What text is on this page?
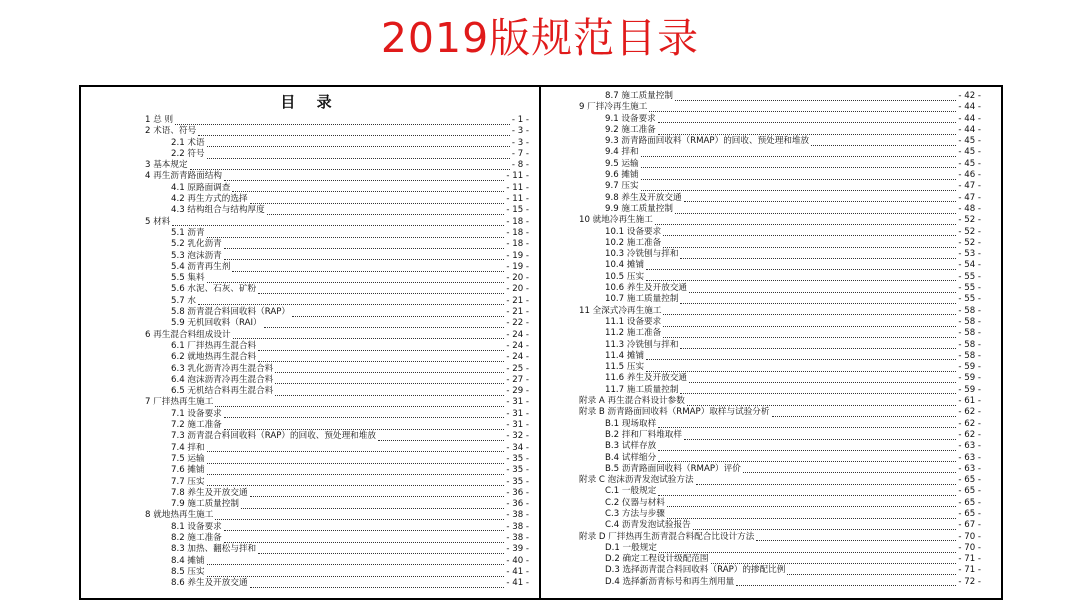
2019版规范目录
目 录
1 总 则	- 1 -
2 术语、符号	- 3 -
2.1 术语	- 3 -
2.2 符号	- 7 -
3 基本规定	- 8 -
4 再生沥青路面结构	- 11 -
4.1 原路面调查	- 11 -
4.2 再生方式的选择	- 11 -
4.3 结构组合与结构厚度	- 15 -
5 材料	- 18 -
5.1 沥青	- 18 -
5.2 乳化沥青	- 18 -
5.3 泡沫沥青	- 19 -
5.4 沥青再生剂	- 19 -
5.5 集料	- 20 -
5.6 水泥、石灰、矿粉	- 20 -
5.7 水	- 21 -
5.8 沥青混合料回收料（RAP）	- 21 -
5.9 无机回收料（RAI）	- 22 -
6 再生混合料组成设计	- 24 -
6.1 厂拌热再生混合料	- 24 -
6.2 就地热再生混合料	- 24 -
6.3 乳化沥青冷再生混合料	- 25 -
6.4 泡沫沥青冷再生混合料	- 27 -
6.5 无机结合料再生混合料	- 29 -
7 厂拌热再生施工	- 31 -
7.1 设备要求	- 31 -
7.2 施工准备	- 31 -
7.3 沥青混合料回收料（RAP）的回收、预处理和堆放	- 32 -
7.4 拌和	- 34 -
7.5 运输	- 35 -
7.6 摊铺	- 35 -
7.7 压实	- 35 -
7.8 养生及开放交通	- 36 -
7.9 施工质量控制	- 36 -
8 就地热再生施工	- 38 -
8.1 设备要求	- 38 -
8.2 施工准备	- 38 -
8.3 加热、翻松与拌和	- 39 -
8.4 摊铺	- 40 -
8.5 压实	- 41 -
8.6 养生及开放交通	- 41 -
8.7 施工质量控制	- 42 -
9 厂拌冷再生施工	- 44 -
9.1 设备要求	- 44 -
9.2 施工准备	- 44 -
9.3 沥青路面回收料（RMAP）的回收、预处理和堆放	- 45 -
9.4 拌和	- 45 -
9.5 运输	- 45 -
9.6 摊铺	- 46 -
9.7 压实	- 47 -
9.8 养生及开放交通	- 47 -
9.9 施工质量控制	- 48 -
10 就地冷再生施工	- 52 -
10.1 设备要求	- 52 -
10.2 施工准备	- 52 -
10.3 冷铣刨与拌和	- 53 -
10.4 摊铺	- 54 -
10.5 压实	- 55 -
10.6 养生及开放交通	- 55 -
10.7 施工质量控制	- 55 -
11 全深式冷再生施工	- 58 -
11.1 设备要求	- 58 -
11.2 施工准备	- 58 -
11.3 冷铣刨与拌和	- 58 -
11.4 摊铺	- 58 -
11.5 压实	- 59 -
11.6 养生及开放交通	- 59 -
11.7 施工质量控制	- 59 -
附录 A 再生混合料设计参数	- 61 -
附录 B 沥青路面回收料（RMAP）取样与试验分析	- 62 -
B.1 现场取样	- 62 -
B.2 拌和厂料堆取样	- 62 -
B.3 试样存放	- 63 -
B.4 试样缩分	- 63 -
B.5 沥青路面回收料（RMAP）评价	- 63 -
附录 C 泡沫沥青发泡试验方法	- 65 -
C.1 一般规定	- 65 -
C.2 仪器与材料	- 65 -
C.3 方法与步骤	- 65 -
C.4 沥青发泡试验报告	- 67 -
附录 D 厂拌热再生沥青混合料配合比设计方法	- 70 -
D.1 一般规定	- 70 -
D.2 确定工程设计级配范围	- 71 -
D.3 选择沥青混合料回收料（RAP）的掺配比例	- 71 -
D.4 选择新沥青标号和再生剂用量	- 72 -
